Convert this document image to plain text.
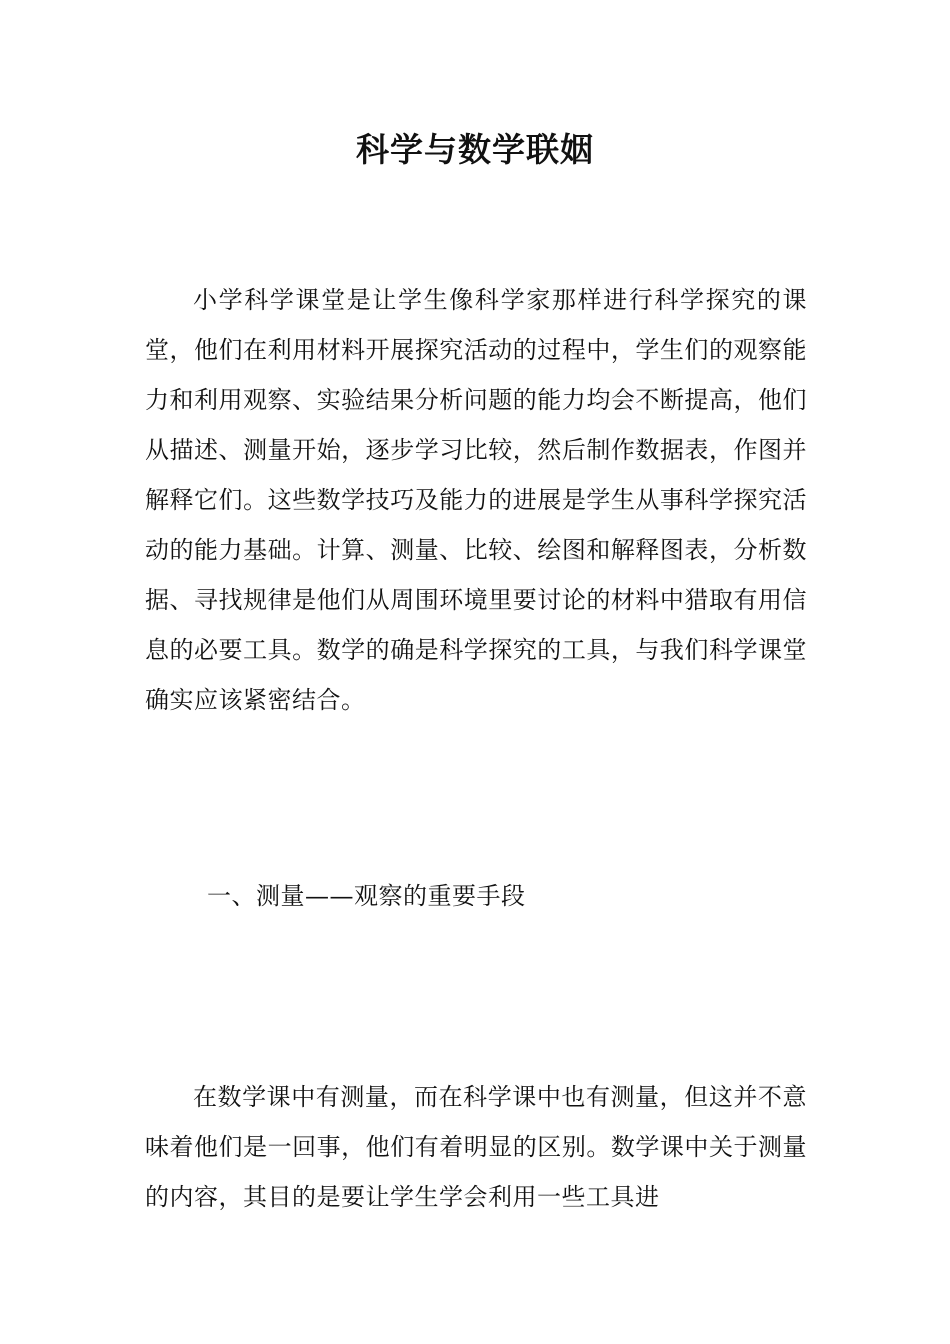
科学与数学联姻

小学科学课堂是让学生像科学家那样进行科学探究的课堂，他们在利用材料开展探究活动的过程中，学生们的观察能力和利用观察、实验结果分析问题的能力均会不断提高，他们从描述、测量开始，逐步学习比较，然后制作数据表，作图并解释它们。这些数学技巧及能力的进展是学生从事科学探究活动的能力基础。计算、测量、比较、绘图和解释图表，分析数据、寻找规律是他们从周围环境里要讨论的材料中猎取有用信息的必要工具。数学的确是科学探究的工具，与我们科学课堂确实应该紧密结合。

一、测量——观察的重要手段

在数学课中有测量，而在科学课中也有测量，但这并不意味着他们是一回事，他们有着明显的区别。数学课中关于测量的内容，其目的是要让学生学会利用一些工具进
